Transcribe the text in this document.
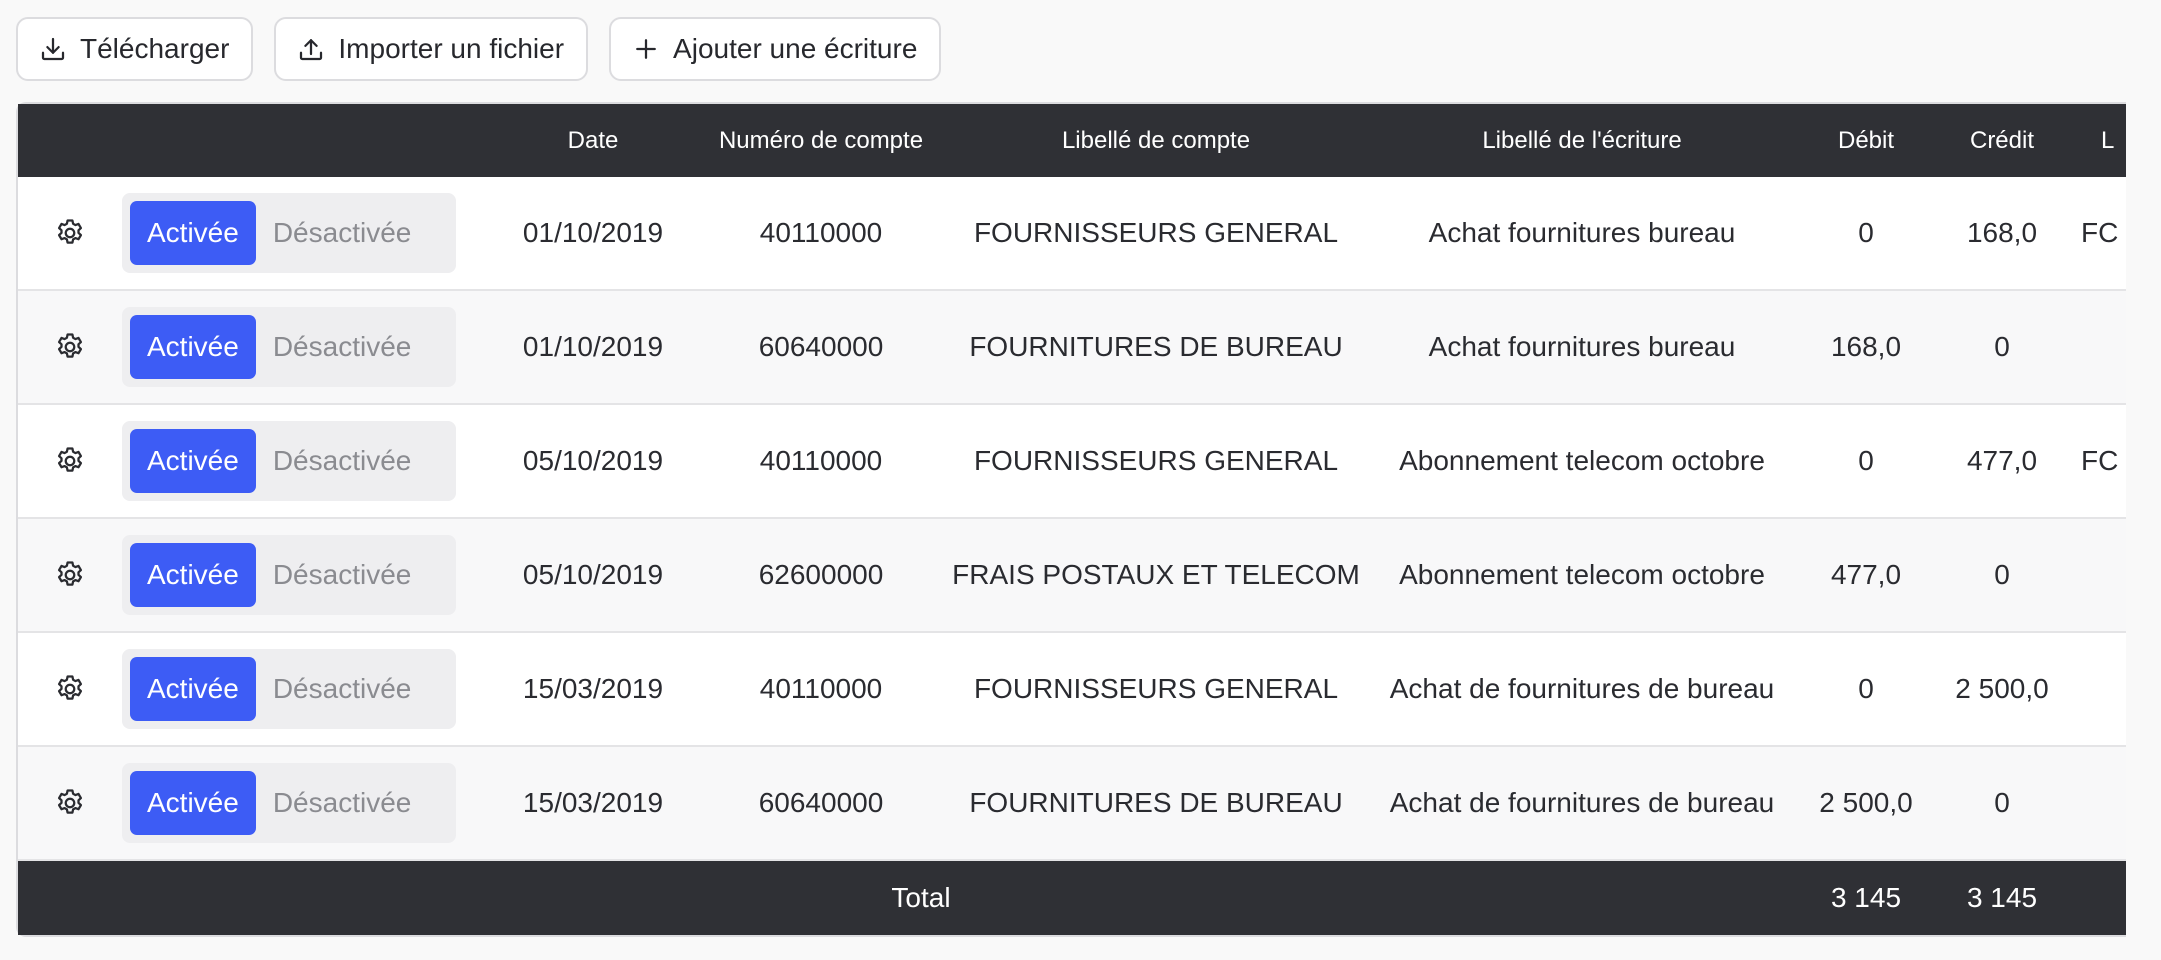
Télécharger	Importer un fichier	Ajouter une écriture
Date	Numéro de compte	Libellé de compte	Libellé de l'écriture	Débit	Crédit	L
Activée	Désactivée	01/10/2019	40110000	FOURNISSEURS GENERAL	Achat fournitures bureau	0	168,0	FC
Activée	Désactivée	01/10/2019	60640000	FOURNITURES DE BUREAU	Achat fournitures bureau	168,0	0
Activée	Désactivée	05/10/2019	40110000	FOURNISSEURS GENERAL	Abonnement telecom octobre	0	477,0	FC
Activée	Désactivée	05/10/2019	62600000	FRAIS POSTAUX ET TELECOM	Abonnement telecom octobre	477,0	0
Activée	Désactivée	15/03/2019	40110000	FOURNISSEURS GENERAL	Achat de fournitures de bureau	0	2 500,0
Activée	Désactivée	15/03/2019	60640000	FOURNITURES DE BUREAU	Achat de fournitures de bureau	2 500,0	0
Total	3 145	3 145
